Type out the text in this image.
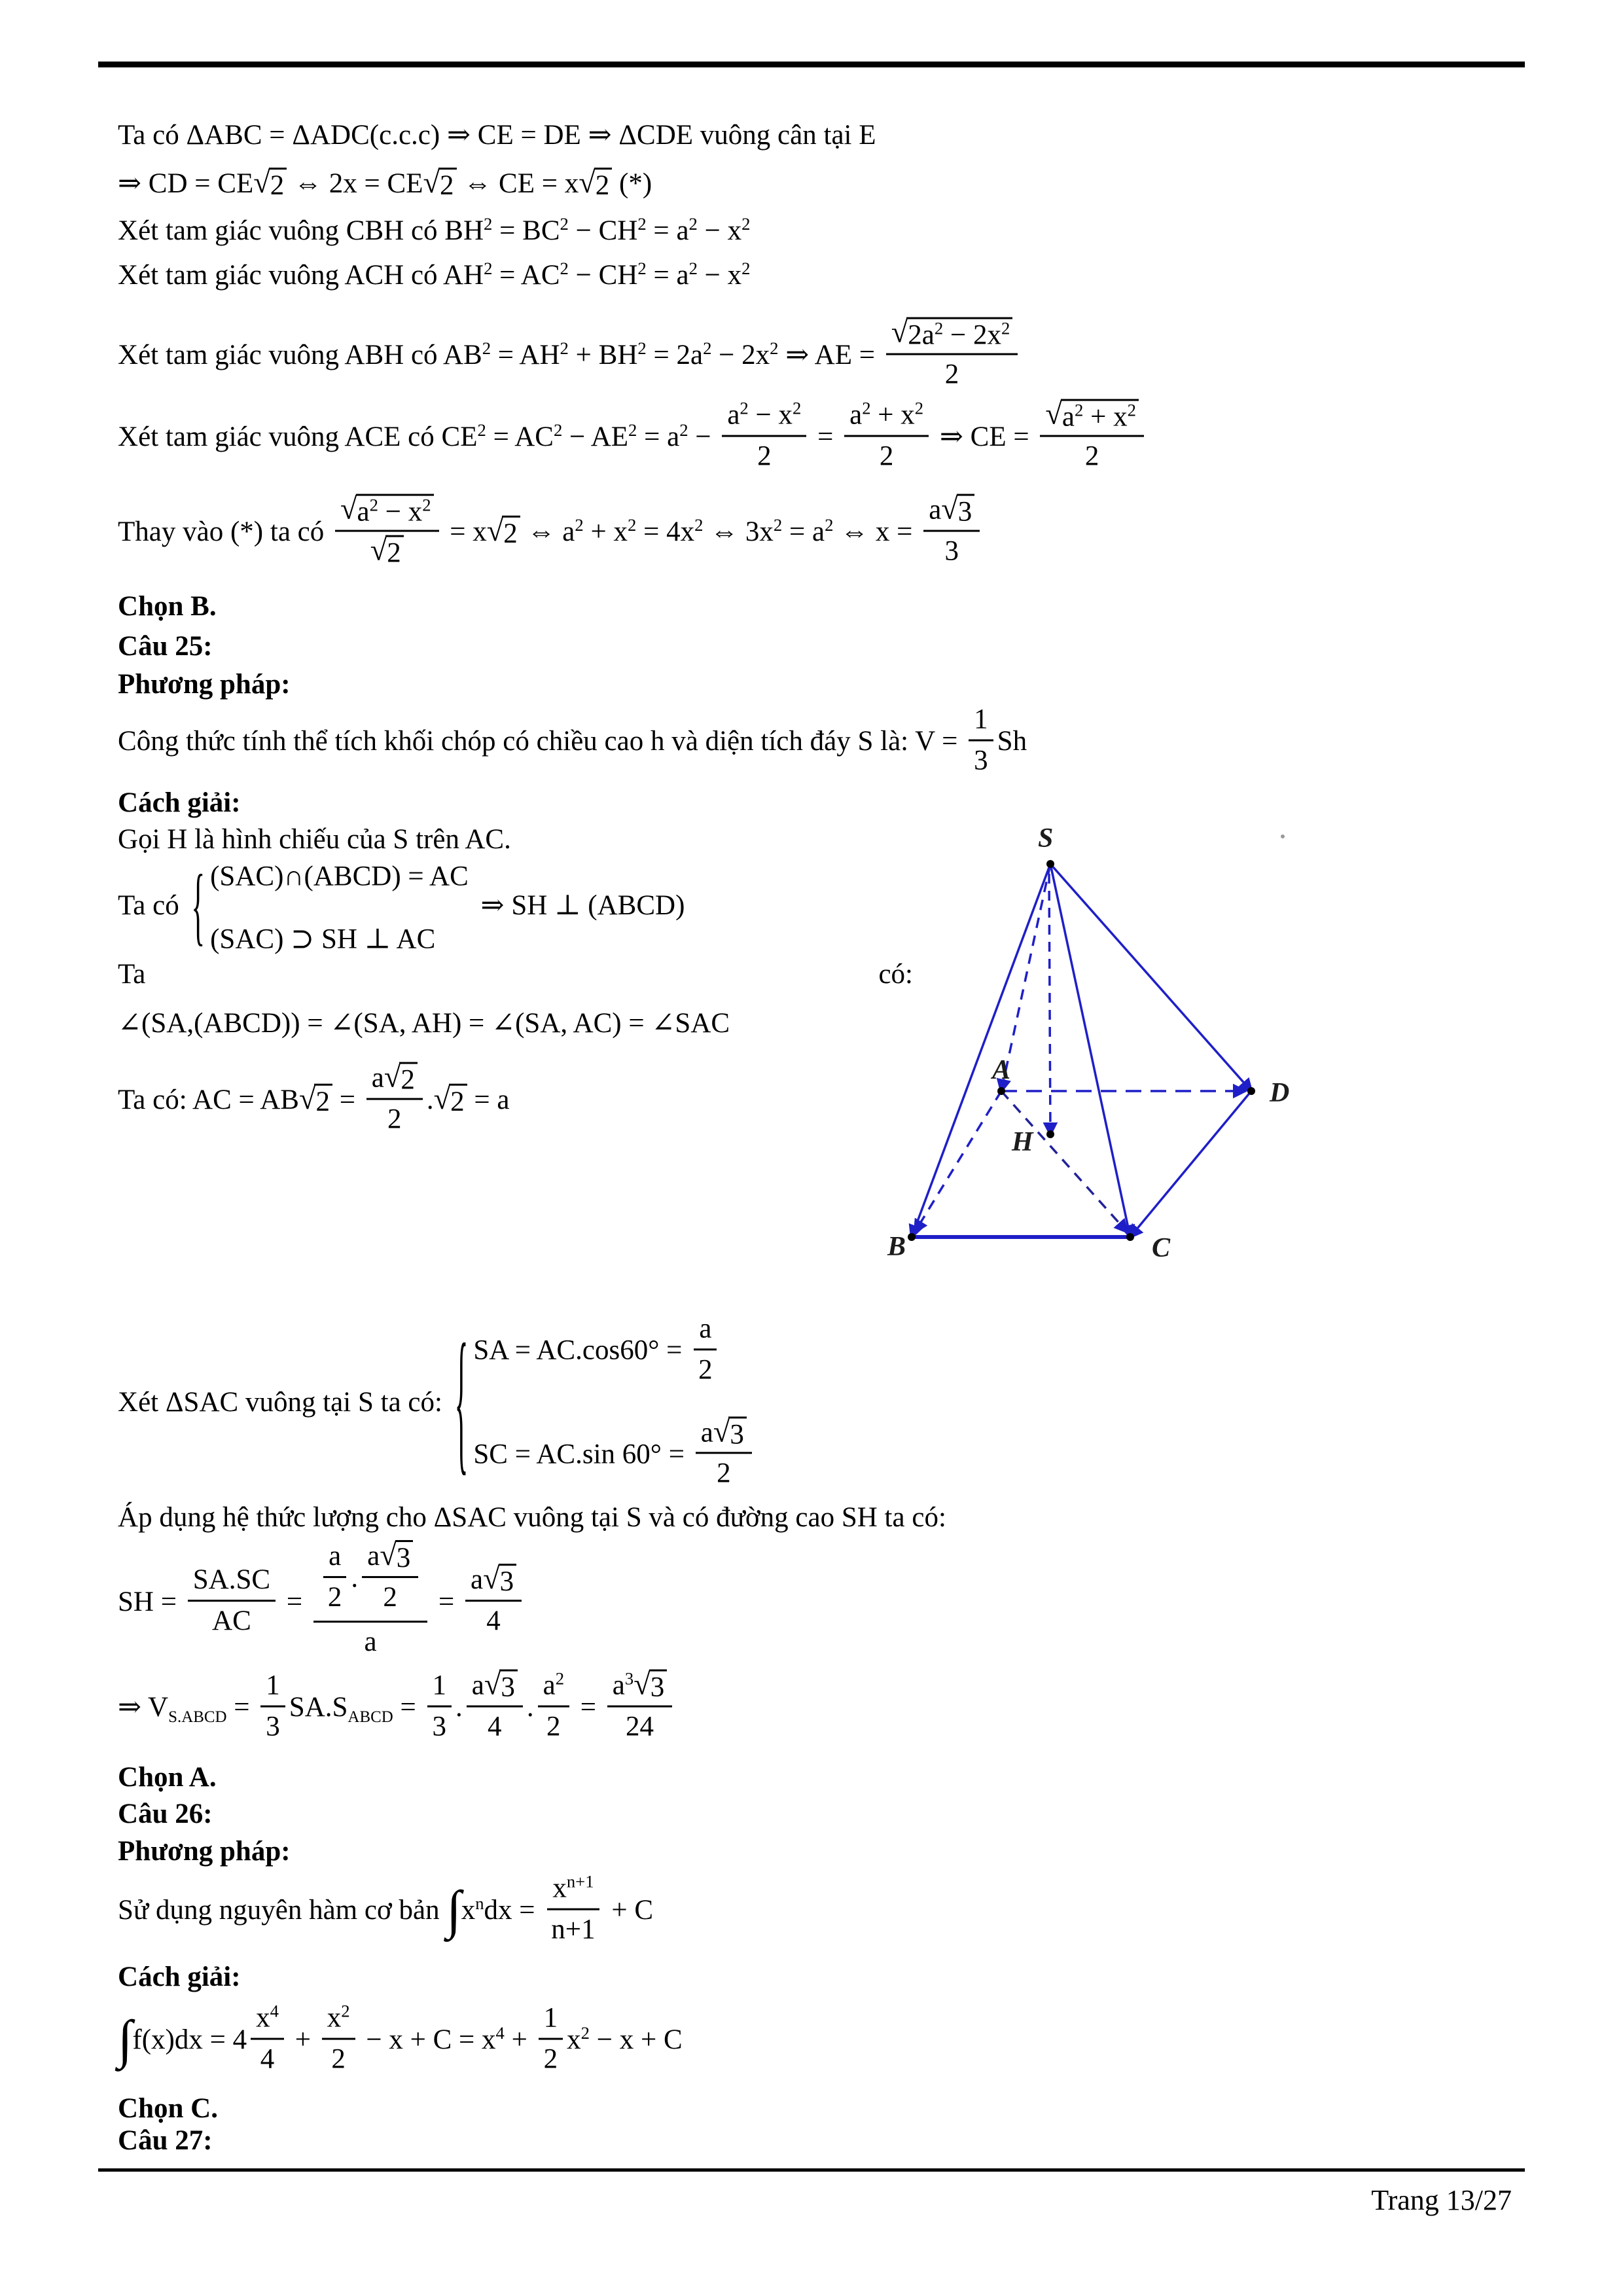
Ta có ΔABC = ΔADC(c.c.c) ⇒ CE = DE ⇒ ΔCDE vuông cân tại E
⇒ CD = CE √ 2 ⇔ 2x = CE √ 2 ⇔ CE = x √ 2 (*)
Xét tam giác vuông CBH có $BH^2 = BC^2 - CH^2 = a^2 - x^2$
Xét tam giác vuông ACH có $AH^2 = AC^2 - CH^2 = a^2 - x^2$
Xét tam giác vuông ABH có $AB^2 = AH^2 + BH^2 = 2a^2 - 2x^2$ ⇒ AE = $\frac{√ 2a^2 - 2x^2}{2}$
Xét tam giác vuông ACE có $CE^2 = AC^2 - AE^2 = a^2 - \frac{a^2 - x^2}{2} = \frac{a^2 + x^2}{2}$ ⇒ CE = $\frac{√ a^2 + x^2}{2}$
Thay vào (*) ta có $\frac{√ a^2 - x^2}{√ 2} = x$ √ 2 ⇔ $a^2 + x^2 = 4x^2$ ⇔ $3x^2 = a^2$ ⇔ $x = \frac{a √ 3}{3}$
Chọn B.
Câu 25:
Phương pháp:
Công thức tính thể tích khối chóp có chiều cao h và diện tích đáy S là: $V = \frac{1}{3}$ Sh
Cách giải:
Gọi H là hình chiếu của S trên AC.
Ta có { (SAC)∩(ABCD) = AC
(SAC) ⊃ SH ⊥ AC
⇒ SH ⊥ (ABCD)
∠(SA,(ABCD)) = ∠(SA, AH) = ∠(SA, AC) = ∠SAC
Ta có: AC = AB √ $2 = \frac{a √ 2}{2}$ . √ 2 = a
Xét ΔSAC vuông tại S ta có: { SA = $AC.\cos 60^\circ = \frac{a}{2}$
SC = AC.sin $60^\circ = \frac{a √ 3}{2}$
Áp dụng hệ thức lượng cho ΔSAC vuông tại S và có đường cao SH ta có:
SH = $\frac{SA.SC}{AC} = \frac{\frac{a}{2} . \frac{a √ 3}{2}}{a} = \frac{a √ 3}{4}$
⇒ $V_{S.ABCD} = \frac{1}{3} SA.S_{ABCD} = \frac{1}{3}$ . $\frac{a √ 3}{4}$ . $\frac{a^2}{2} = \frac{a^3 √ 3}{24}$
Chọn A.
Câu 26:
Phương pháp:
Sử dụng nguyên hàm cơ bản $\int x^ndx = \frac{x^{n+1}}{n+1} + C$
Cách giải:
$\int f(x)dx = 4 \frac{x^4}{4} + \frac{x^2}{2} - x + C = x^4 + \frac{1}{2} x^2 - x + C$
Chọn C.
Câu 27:
Ta	có:
S
A
D
H
B	C
Trang 13/27
